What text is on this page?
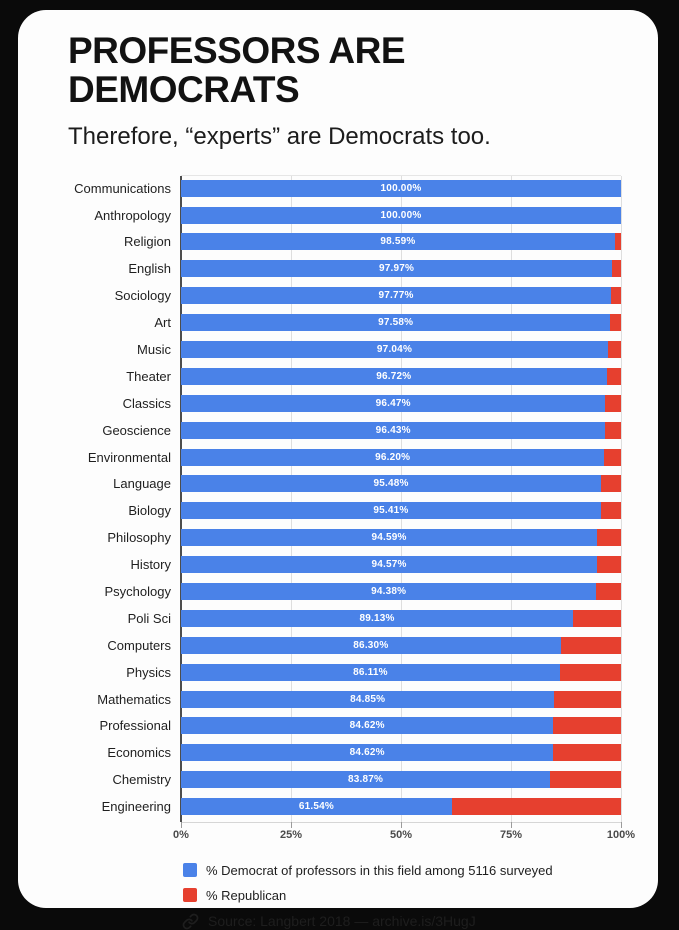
PROFESSORS ARE DEMOCRATS
Therefore, “experts” are Democrats too.
Communications	100.00%
Anthropology	100.00%
Religion	98.59%
English	97.97%
Sociology	97.77%
Art	97.58%
Music	97.04%
Theater	96.72%
Classics	96.47%
Geoscience	96.43%
Environmental	96.20%
Language	95.48%
Biology	95.41%
Philosophy	94.59%
History	94.57%
Psychology	94.38%
Poli Sci	89.13%
Computers	86.30%
Physics	86.11%
Mathematics	84.85%
Professional	84.62%
Economics	84.62%
Chemistry	83.87%
Engineering	61.54%
0%	25%	50%	75%	100%
% Democrat of professors in this field among 5116 surveyed
% Republican
Source: Langbert 2018 — archive.is/3HugJ
